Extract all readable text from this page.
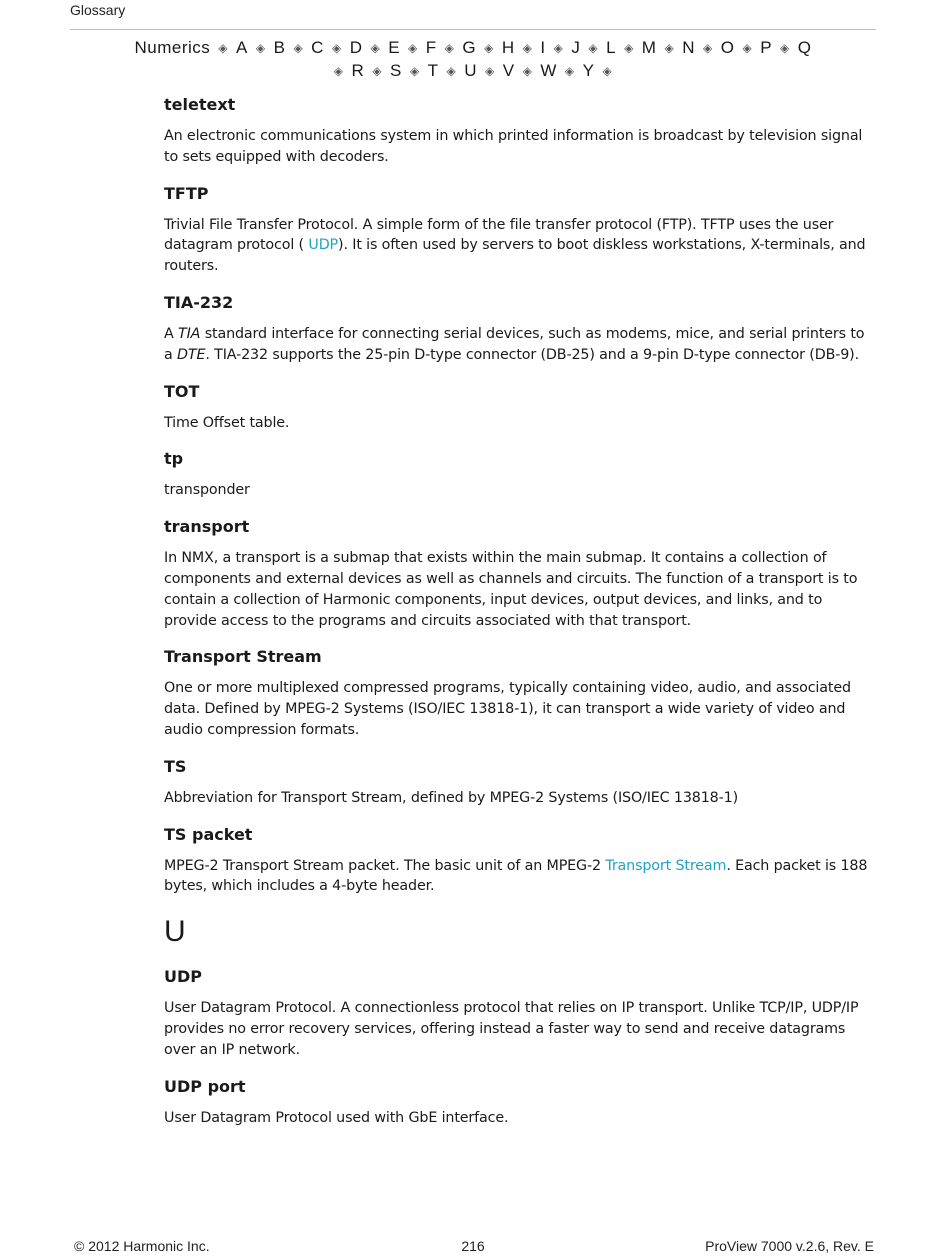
Glossary
Numerics ◈ A ◈ B ◈ C ◈ D ◈ E ◈ F ◈ G ◈ H ◈ I ◈ J ◈ L ◈ M ◈ N ◈ O ◈ P ◈ Q
◈ R ◈ S ◈ T ◈ U ◈ V ◈ W ◈ Y ◈
teletext

An electronic communications system in which printed information is broadcast by television signal to sets equipped with decoders.

TFTP

Trivial File Transfer Protocol. A simple form of the file transfer protocol (FTP). TFTP uses the user datagram protocol ( UDP). It is often used by servers to boot diskless workstations, X-terminals, and routers.

TIA-232

A TIA standard interface for connecting serial devices, such as modems, mice, and serial printers to a DTE. TIA-232 supports the 25-pin D-type connector (DB-25) and a 9-pin D-type connector (DB-9).

TOT

Time Offset table.

tp

transponder

transport

In NMX, a transport is a submap that exists within the main submap. It contains a collection of components and external devices as well as channels and circuits. The function of a transport is to contain a collection of Harmonic components, input devices, output devices, and links, and to provide access to the programs and circuits associated with that transport.

Transport Stream

One or more multiplexed compressed programs, typically containing video, audio, and associated data. Defined by MPEG-2 Systems (ISO/IEC 13818-1), it can transport a wide variety of video and audio compression formats.

TS

Abbreviation for Transport Stream, defined by MPEG-2 Systems (ISO/IEC 13818-1)

TS packet

MPEG-2 Transport Stream packet. The basic unit of an MPEG-2 Transport Stream. Each packet is 188 bytes, which includes a 4-byte header.

U
UDP

User Datagram Protocol. A connectionless protocol that relies on IP transport. Unlike TCP/IP, UDP/IP provides no error recovery services, offering instead a faster way to send and receive datagrams over an IP network.

UDP port

User Datagram Protocol used with GbE interface.

© 2012 Harmonic Inc.	216	ProView 7000 v.2.6, Rev. E
